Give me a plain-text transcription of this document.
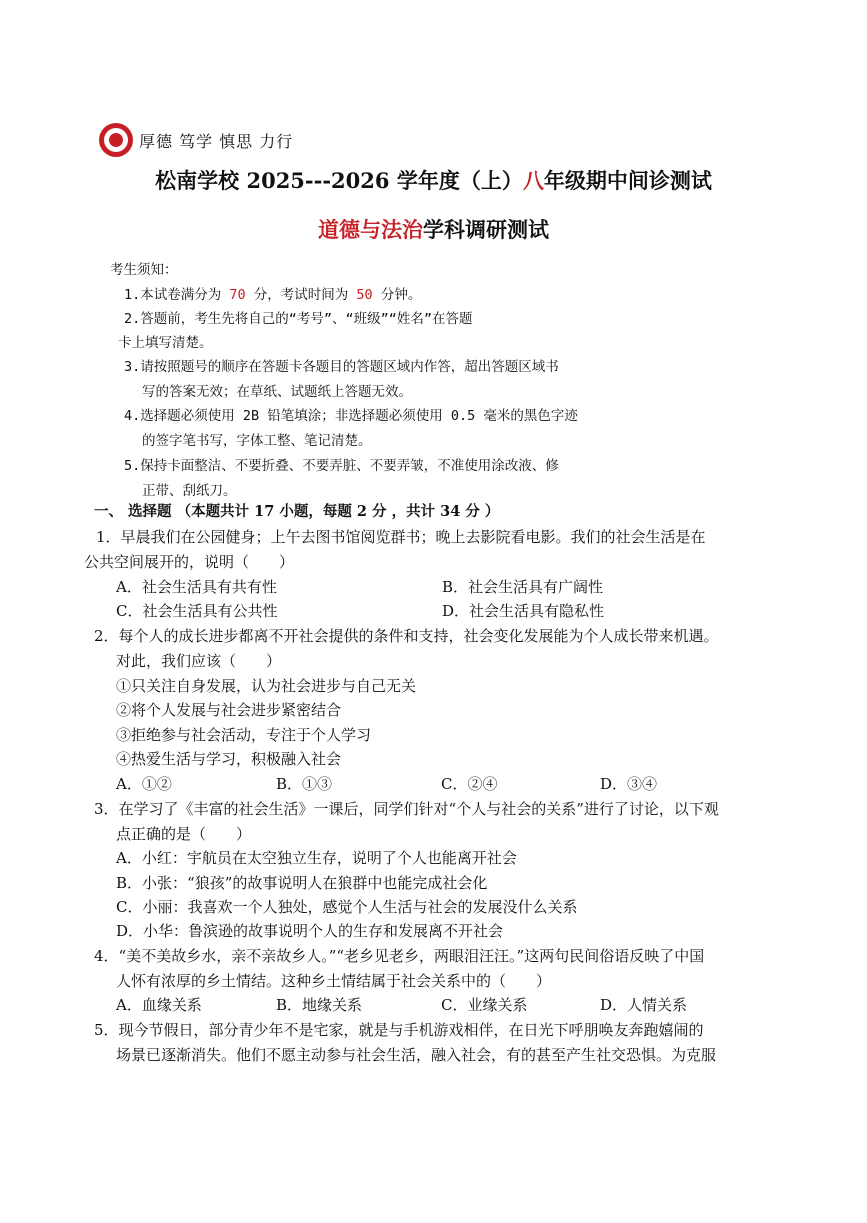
厚德 笃学 慎思 力行
松南学校 2025---2026 学年度（上）八年级期中间诊测试
道德与法治学科调研测试
考生须知：
1.本试卷满分为 70 分，考试时间为 50 分钟。
2.答题前，考生先将自己的“考号”、“班级”“姓名”在答题
卡上填写清楚。
3.请按照题号的顺序在答题卡各题目的答题区域内作答，超出答题区域书
写的答案无效；在草纸、试题纸上答题无效。
4.选择题必须使用 2B 铅笔填涂；非选择题必须使用 0.5 毫米的黑色字迹
的签字笔书写，字体工整、笔记清楚。
5.保持卡面整洁、不要折叠、不要弄脏、不要弄皱，不准使用涂改液、修
正带、刮纸刀。
一、 选择题 （本题共计 17 小题，每题 2 分 ，共计 34 分 ）
1．早晨我们在公园健身；上午去图书馆阅览群书；晚上去影院看电影。我们的社会生活是在
公共空间展开的，说明（　　）
A．社会生活具有共有性	B．社会生活具有广阔性
C．社会生活具有公共性	D．社会生活具有隐私性
2．每个人的成长进步都离不开社会提供的条件和支持，社会变化发展能为个人成长带来机遇。
对此，我们应该（　　）
①只关注自身发展，认为社会进步与自己无关
②将个人发展与社会进步紧密结合
③拒绝参与社会活动，专注于个人学习
④热爱生活与学习，积极融入社会
A．①②	B．①③	C．②④	D．③④
3．在学习了《丰富的社会生活》一课后，同学们针对“个人与社会的关系”进行了讨论，以下观
点正确的是（　　）
A．小红：宇航员在太空独立生存，说明了个人也能离开社会
B．小张：“狼孩”的故事说明人在狼群中也能完成社会化
C．小丽：我喜欢一个人独处，感觉个人生活与社会的发展没什么关系
D．小华：鲁滨逊的故事说明个人的生存和发展离不开社会
4．“美不美故乡水，亲不亲故乡人。”“老乡见老乡，两眼泪汪汪。”这两句民间俗语反映了中国
人怀有浓厚的乡土情结。这种乡土情结属于社会关系中的（　　）
A．血缘关系	B．地缘关系	C．业缘关系	D．人情关系
5．现今节假日，部分青少年不是宅家，就是与手机游戏相伴，在日光下呼朋唤友奔跑嬉闹的
场景已逐渐消失。他们不愿主动参与社会生活，融入社会，有的甚至产生社交恐惧。为克服
